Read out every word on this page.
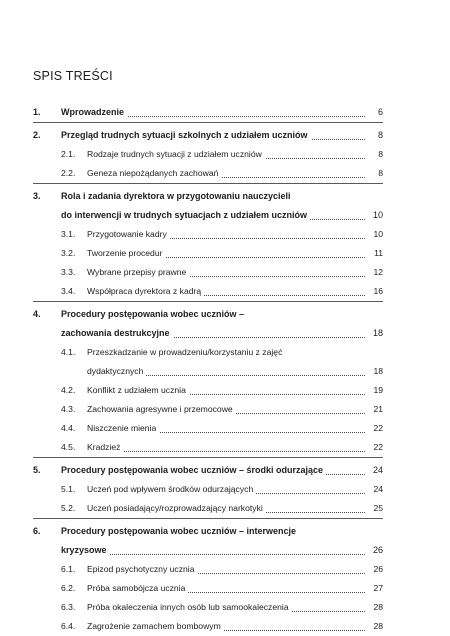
SPIS TREŚCI
1. Wprowadzenie	6
2. Przegląd trudnych sytuacji szkolnych z udziałem uczniów	8
2.1. Rodzaje trudnych sytuacji z udziałem uczniów	8
2.2. Geneza niepożądanych zachowań	8
3. Rola i zadania dyrektora w przygotowaniu nauczycieli
do interwencji w trudnych sytuacjach z udziałem uczniów	10
3.1. Przygotowanie kadry	10
3.2. Tworzenie procedur	11
3.3. Wybrane przepisy prawne	12
3.4. Współpraca dyrektora z kadrą	16
4. Procedury postępowania wobec uczniów –
zachowania destrukcyjne	18
4.1. Przeszkadzanie w prowadzeniu/korzystaniu z zajęć
dydaktycznych	18
4.2. Konflikt z udziałem ucznia	19
4.3. Zachowania agresywne i przemocowe	21
4.4. Niszczenie mienia	22
4.5. Kradzież	22
5. Procedury postępowania wobec uczniów – środki odurzające	24
5.1. Uczeń pod wpływem środków odurzających	24
5.2. Uczeń posiadający/rozprowadzający narkotyki	25
6. Procedury postępowania wobec uczniów – interwencje
kryzysowe	26
6.1. Epizod psychotyczny ucznia	26
6.2. Próba samobójcza ucznia	27
6.3. Próba okaleczenia innych osób lub samookaleczenia	28
6.4. Zagrożenie zamachem bombowym	28
